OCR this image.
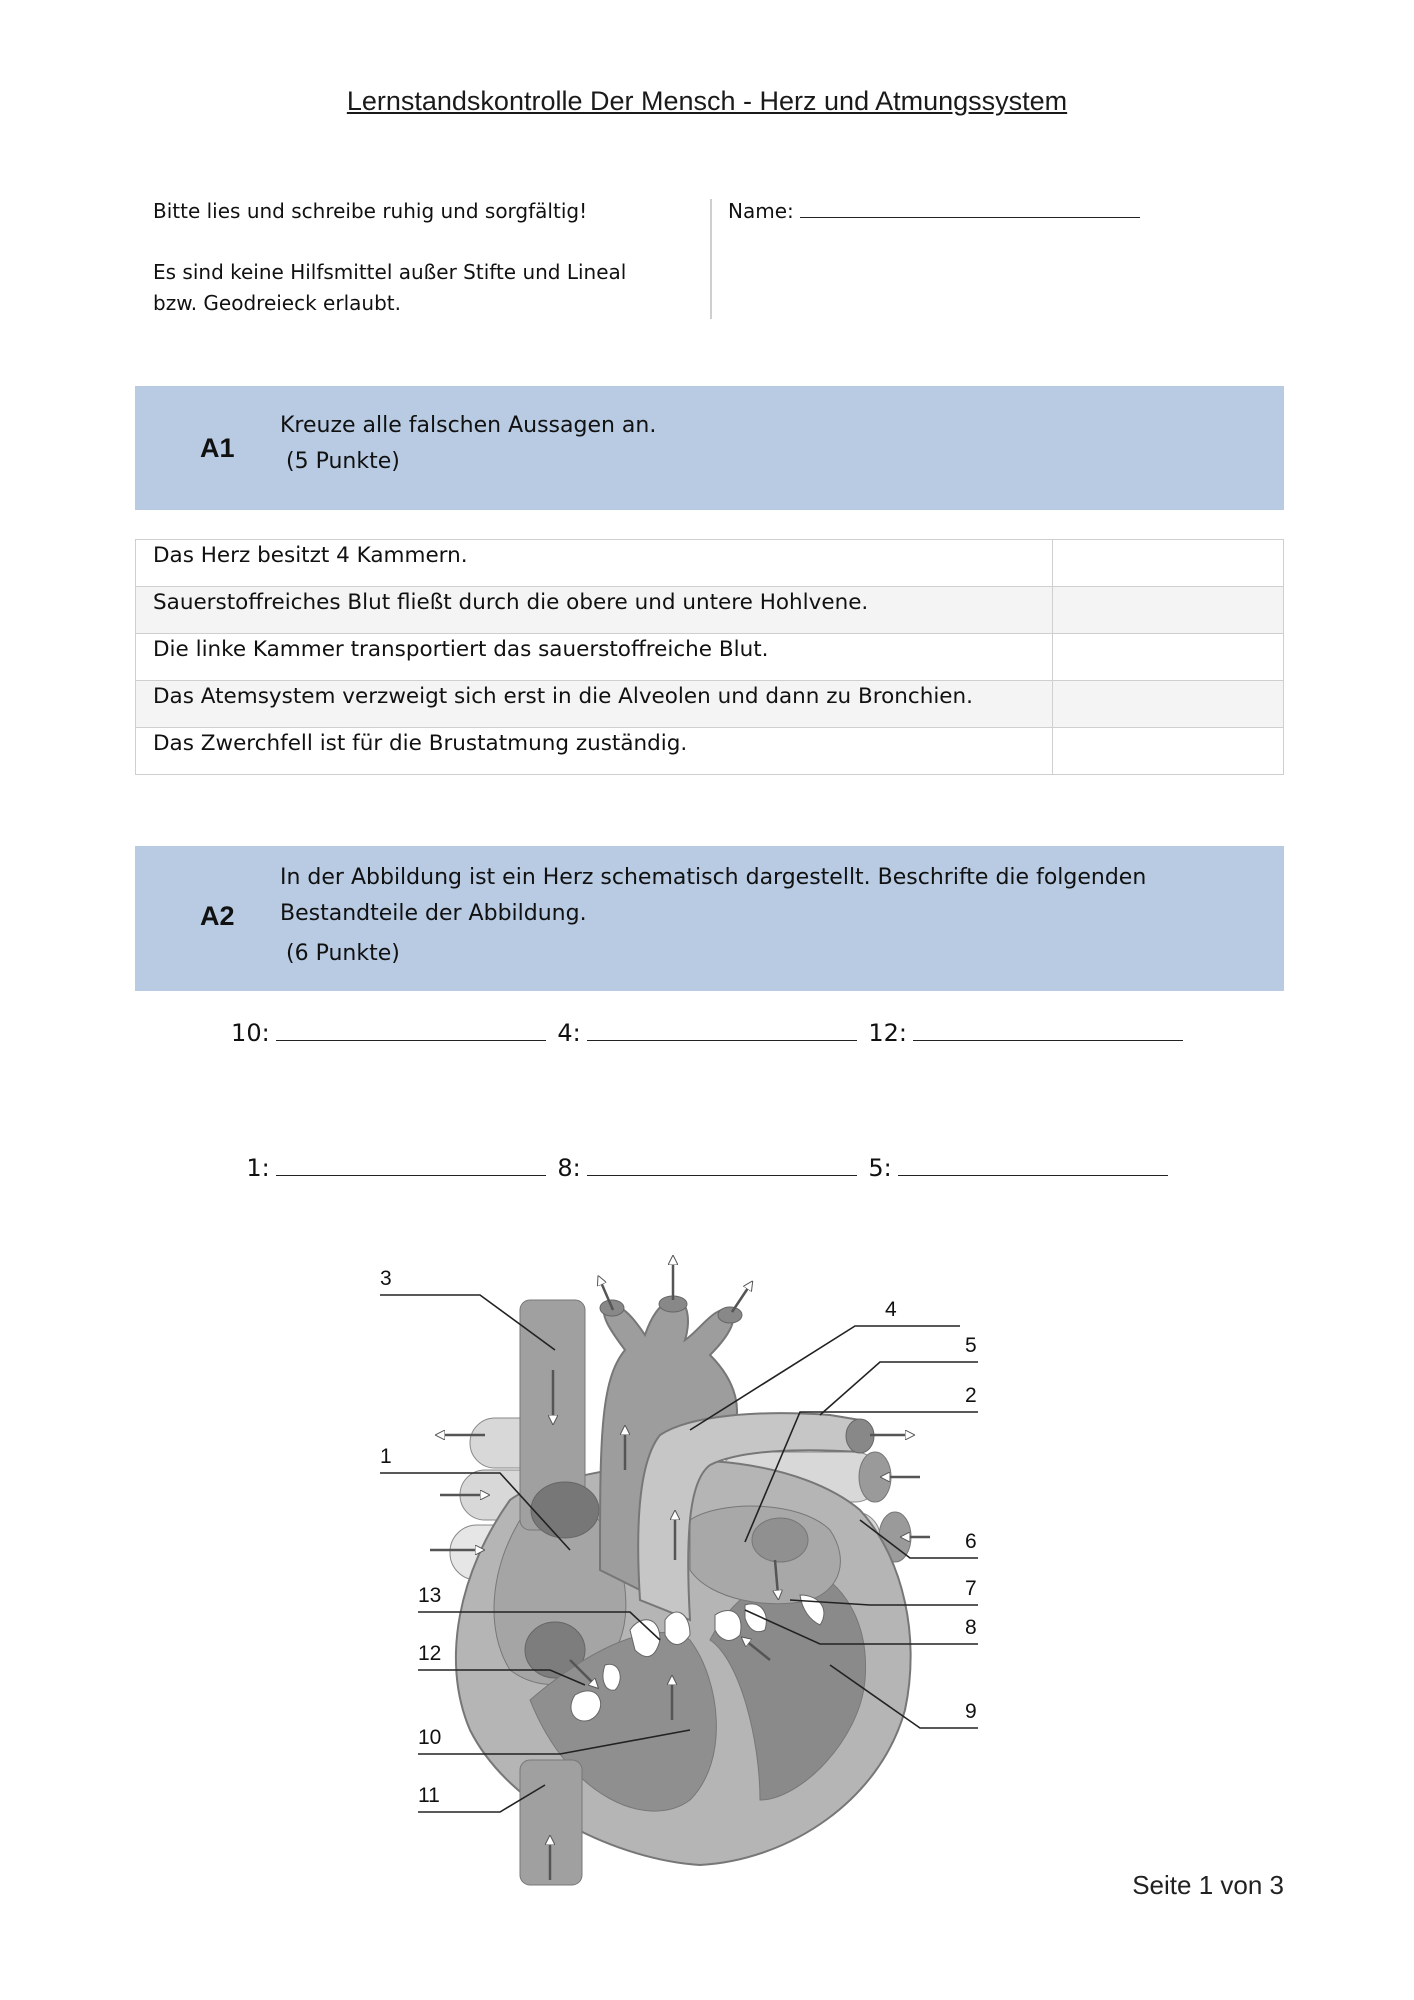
Lernstandskontrolle Der Mensch - Herz und Atmungssystem

Bitte lies und schreibe ruhig und sorgfältig!

Es sind keine Hilfsmittel außer Stifte und Lineal bzw. Geodreieck erlaubt.

Name:
A1
Kreuze alle falschen Aussagen an.
(5 Punkte)
Das Herz besitzt 4 Kammern.	
Sauerstoffreiches Blut fließt durch die obere und untere Hohlvene.	
Die linke Kammer transportiert das sauerstoffreiche Blut.	
Das Atemsystem verzweigt sich erst in die Alveolen und dann zu Bronchien.	
Das Zwerchfell ist für die Brustatmung zuständig.	
A2
In der Abbildung ist ein Herz schematisch dargestellt. Beschrifte die folgenden
Bestandteile der Abbildung.
(6 Punkte)
10:	4:	12:
1:	8:	5:
3
1
4
5
2
6
7
8
9
13
12
10
11
Seite 1 von 3
